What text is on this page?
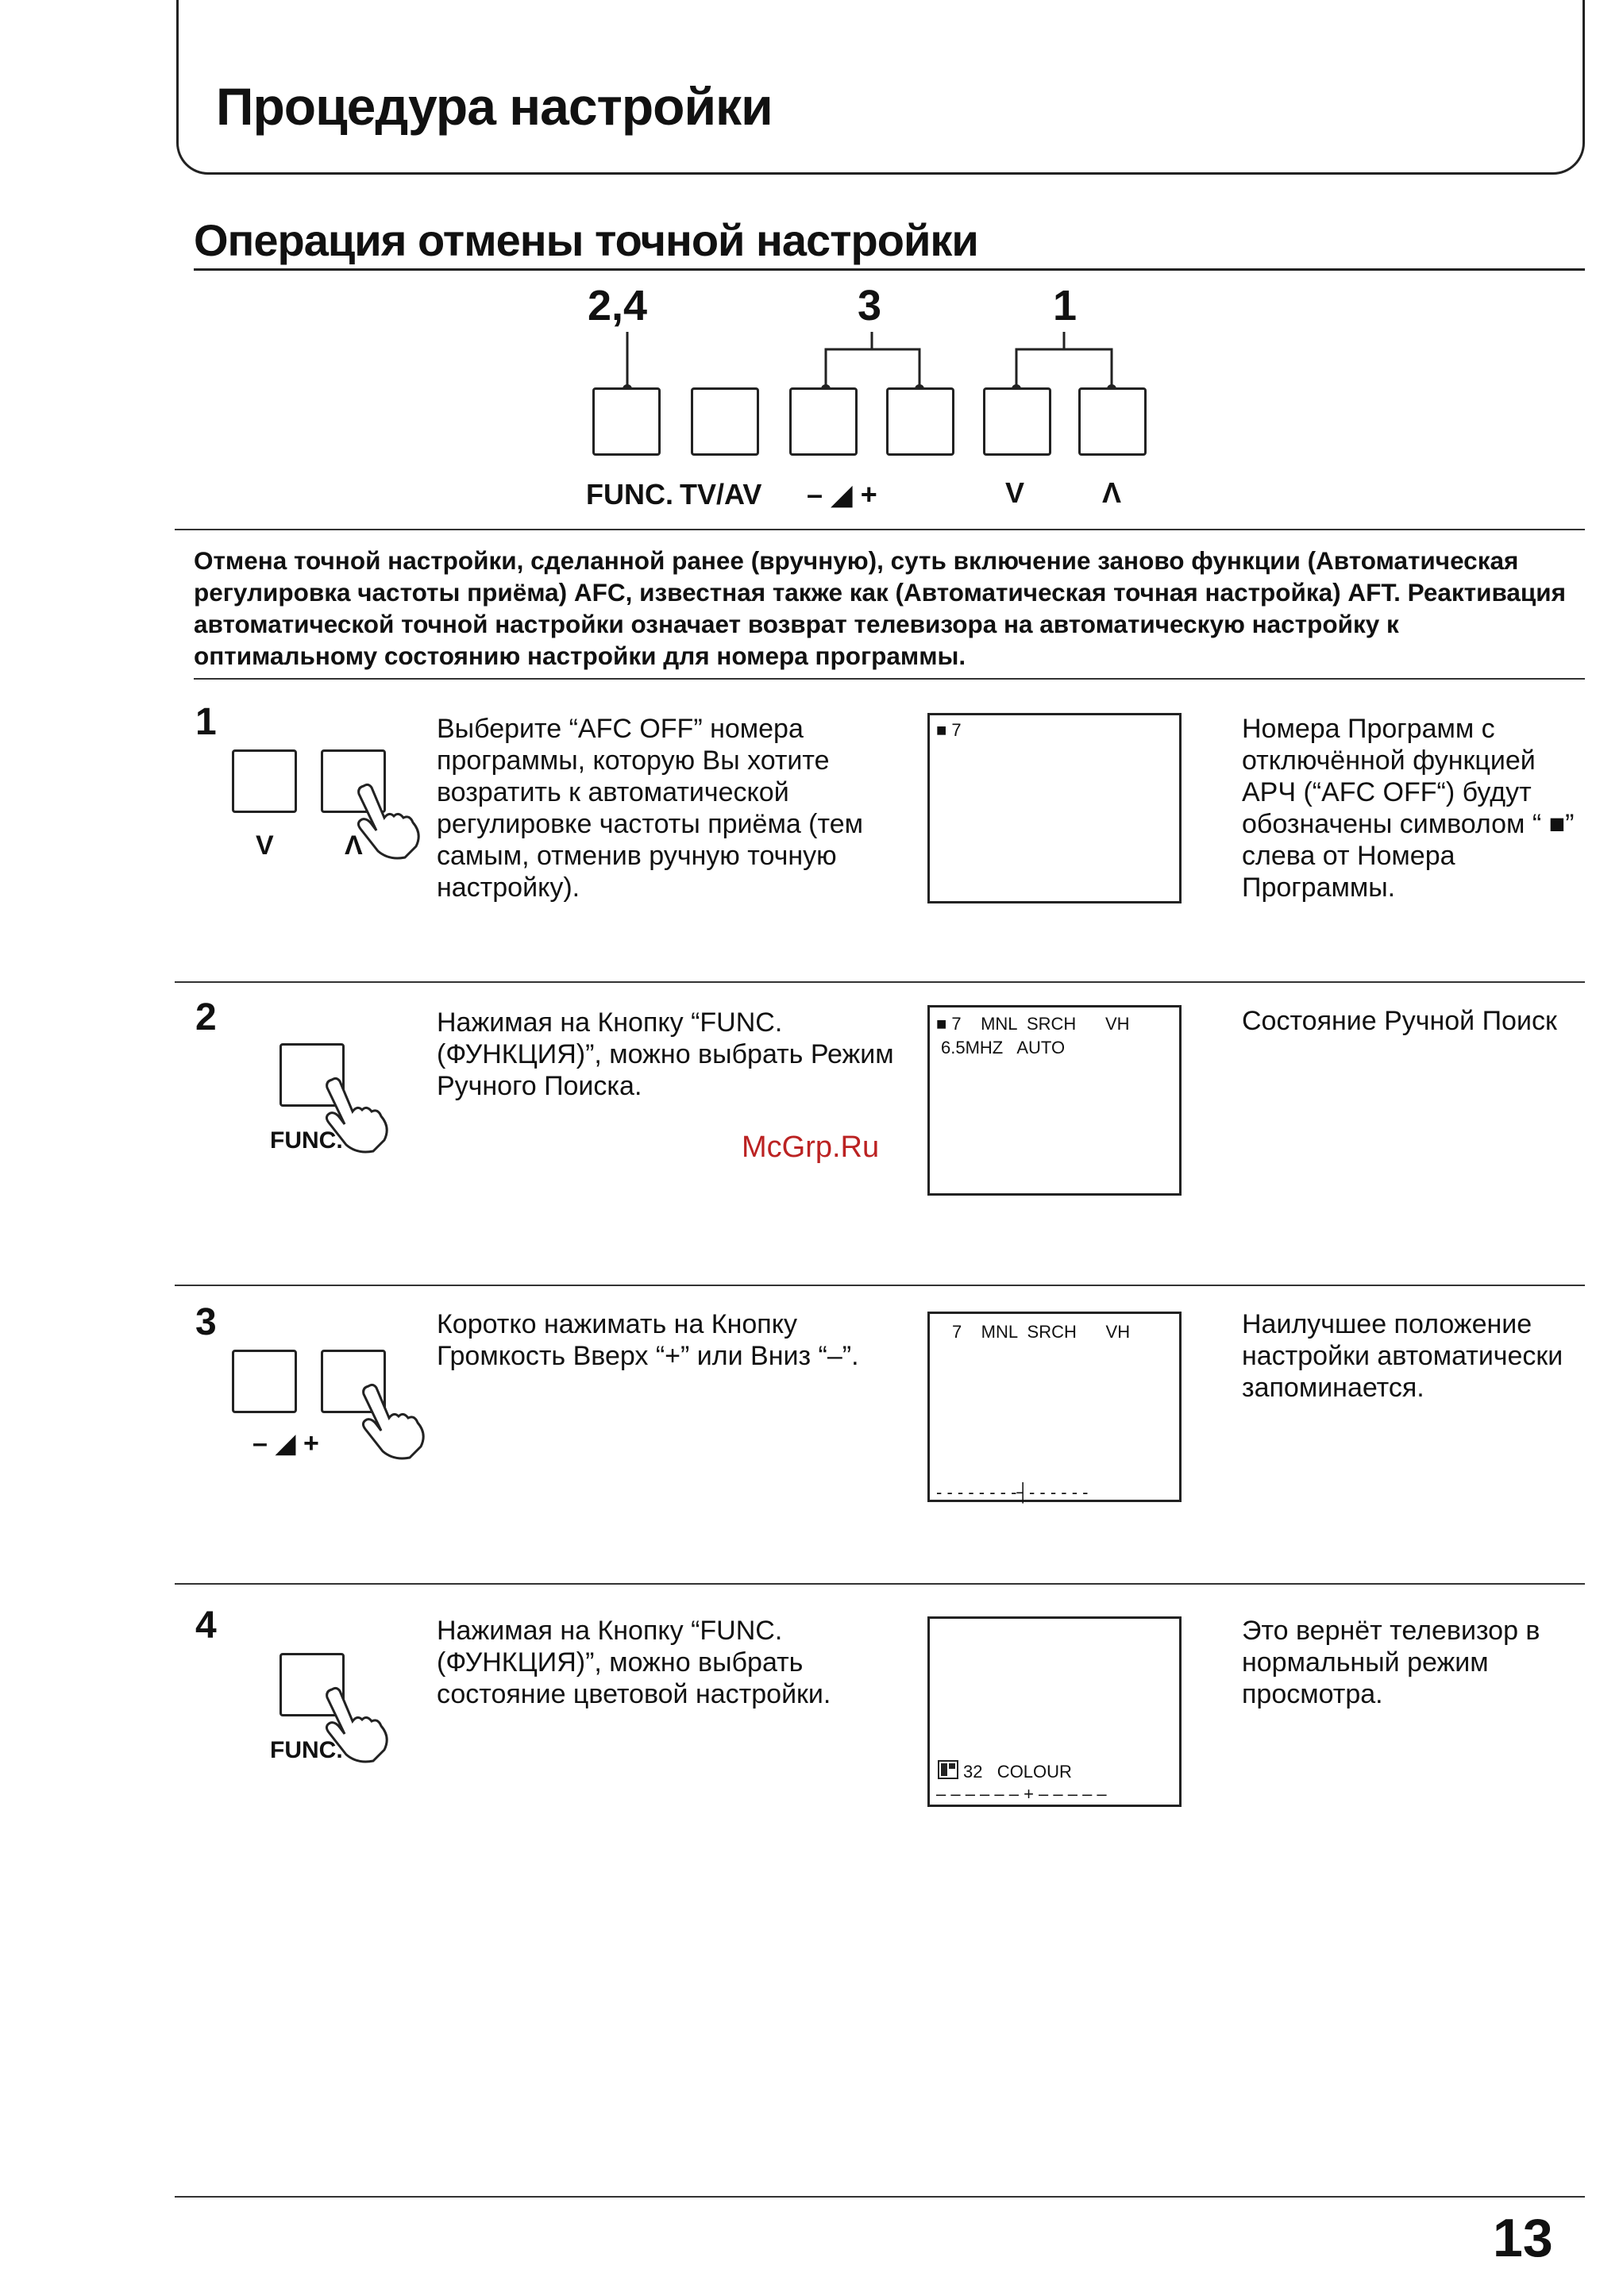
Процедура настройки
Операция отмены точной настройки
2,4	3	1
FUNC. TV/AV – ◢ +	V	Λ
Отмена точной настройки, сделанной ранее (вручную), суть включение заново функции (Автоматическая регулировка частоты приёма) AFC, известная также как (Автоматическая точная настройка) AFT. Реактивация автоматической точной настройки означает возврат телевизора на автоматическую настройку к оптимальному состоянию настройки для номера программы.
1
V	Λ
Выберите “AFC OFF” номера программы, которую Вы хотите возратить к автоматической регулировке частоты приёма (тем самым, отменив ручную точную настройку).
■ 7	Номера Программ с отключённой функцией АРЧ (“AFC OFF“) будут обозначены символом “ ■” слева от Номера Программы.
2
FUNC.
Нажимая на Кнопку “FUNC. (ФУНКЦИЯ)”, можно выбрать Режим Ручного Поиска.
■ 7    MNL  SRCH      VH
6.5MHZ   AUTO
Состояние Ручной Поиск
McGrp.Ru
3
– ◢ +
Коротко нажимать на Кнопку Громкость Вверх “+” или Вниз “–”.
7    MNL  SRCH      VH
- - - - - - - -┤- - - - - -
Наилучшее положение настройки автоматически запоминается.
4
FUNC.
Нажимая на Кнопку “FUNC. (ФУНКЦИЯ)”, можно выбрать состояние цветовой настройки.
32   COLOUR
– – – – – – + – – – – –
Это вернёт телевизор в нормальный режим просмотра.
13
